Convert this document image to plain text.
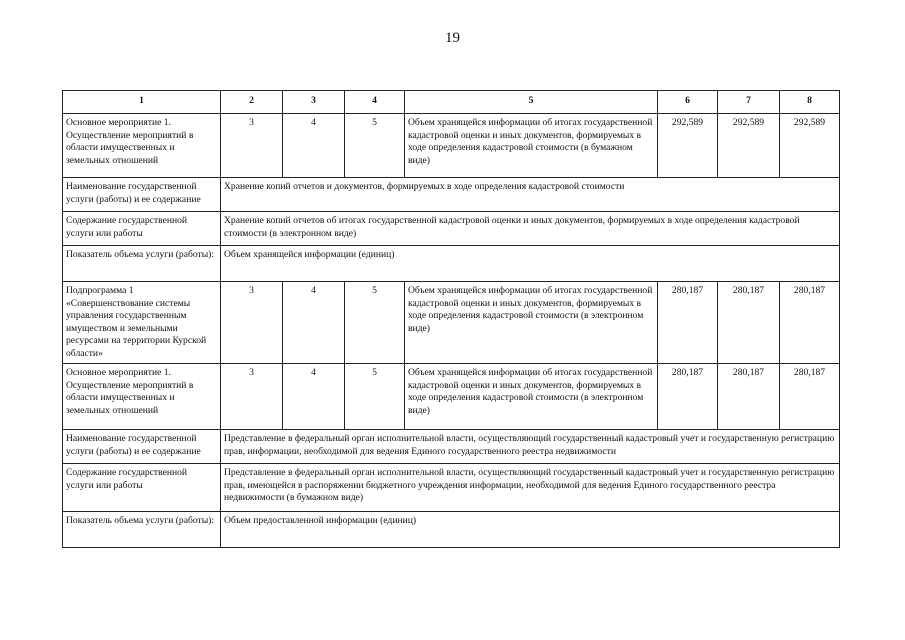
19
1	2	3	4	5	6	7	8
Основное мероприятие 1. Осуществление мероприятий в области имущественных и земельных отношений	3	4	5	Объем хранящейся информации об итогах государственной кадастровой оценки и иных документов, формируемых в ходе определения кадастровой стоимости (в бумажном виде)	292,589	292,589	292,589
Наименование государственной услуги (работы) и ее содержание	Хранение копий отчетов и документов, формируемых в ходе определения кадастровой стоимости						
Содержание государственной услуги или работы	Хранение копий отчетов об итогах государственной кадастровой оценки и иных документов, формируемых в ходе определения кадастровой стоимости (в электронном виде)						
Показатель объема услуги (работы):	Объем хранящейся информации (единиц)						
Подпрограмма 1 «Совершенствование системы управления государственным имуществом и земельными ресурсами на территории Курской области»	3	4	5	Объем хранящейся информации об итогах государственной кадастровой оценки и иных документов, формируемых в ходе определения кадастровой стоимости (в электронном виде)	280,187	280,187	280,187
Основное мероприятие 1. Осуществление мероприятий в области имущественных и земельных отношений	3	4	5	Объем хранящейся информации об итогах государственной кадастровой оценки и иных документов, формируемых в ходе определения кадастровой стоимости (в электронном виде)	280,187	280,187	280,187
Наименование государственной услуги (работы) и ее содержание	Представление в федеральный орган исполнительной власти, осуществляющий государственный кадастровый учет и государственную регистрацию прав, информации, необходимой для ведения Единого государственного реестра недвижимости						
Содержание государственной услуги или работы	Представление в федеральный орган исполнительной власти, осуществляющий государственный кадастровый учет и государственную регистрацию прав, имеющейся в распоряжении бюджетного учреждения информации, необходимой для ведения Единого государственного реестра недвижимости (в бумажном виде)						
Показатель объема услуги (работы):	Объем предоставленной информации (единиц)						
